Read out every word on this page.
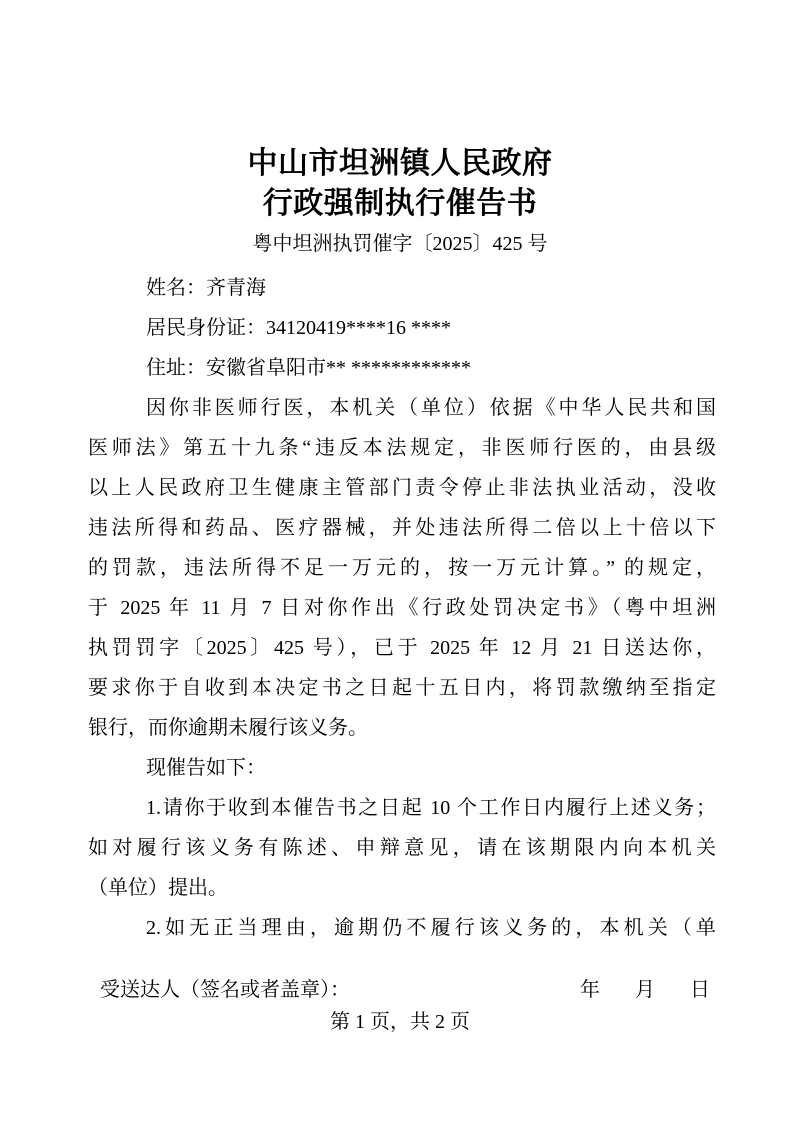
中山市坦洲镇人民政府
行政强制执行催告书
粤中坦洲执罚催字〔2025〕425 号
姓名：齐青海
居民身份证：34120419****16 ****
住址：安徽省阜阳市** ************
因你非医师行医，本机关（单位）依据《中华人民共和国
医师法》第五十九条“违反本法规定，非医师行医的，由县级
以上人民政府卫生健康主管部门责令停止非法执业活动，没收
违法所得和药品、医疗器械，并处违法所得二倍以上十倍以下
的罚款，违法所得不足一万元的，按一万元计算。” 的规定，
于 2025 年 11 月 7 日对你作出《行政处罚决定书》（粤中坦洲
执罚罚字〔2025〕425 号），已于 2025 年 12 月 21 日送达你，
要求你于自收到本决定书之日起十五日内，将罚款缴纳至指定
银行，而你逾期未履行该义务。
现催告如下：
1.请你于收到本催告书之日起 10 个工作日内履行上述义务；
如对履行该义务有陈述、申辩意见，请在该期限内向本机关
（单位）提出。
2.如无正当理由，逾期仍不履行该义务的，本机关（单
受送达人（签名或者盖章）：	年 月 日
第 1 页，共 2 页
